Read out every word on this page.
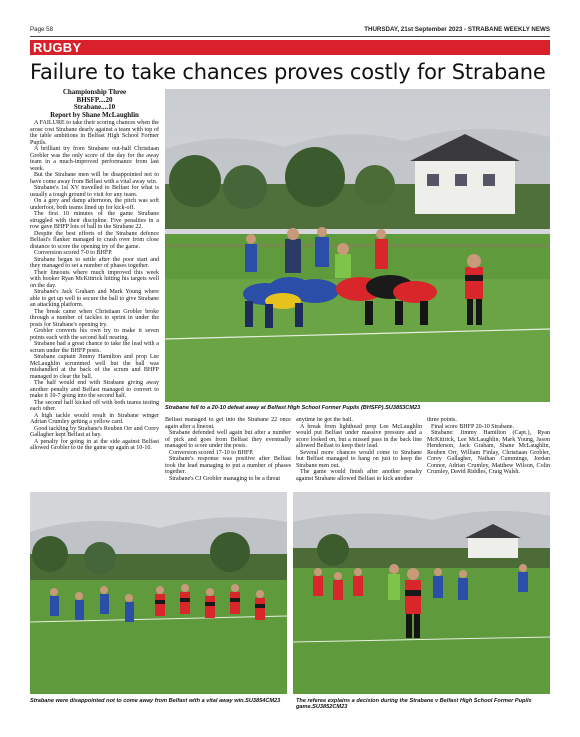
Page 58	THURSDAY, 21st September 2023 - STRABANE WEEKLY NEWS
RUGBY
Failure to take chances proves costly for Strabane
Championship Three
BHSFP....20
Strabane....10
Report by Shane McLaughlin

A FAILURE to take their scoring chances when the arose cost Strabane dearly against a team with top of the table ambitions in Belfast High School Former Pupils.

A brilliant try from Strabane out-half Christiaan Grobler was the only score of the day for the away team in a much-improved performance from last week.

But the Strabane men will be disappointed not to have come away from Belfast with a vital away win.

Strabane's 1st XV travelled to Belfast for what is usually a tough ground to visit for any team.

On a grey and damp afternoon, the pitch was soft underfoot, both teams lined up for kick-off.

The first 10 minutes of the game Strabane struggled with their discipline. Five penalties in a row gave BHFP lots of ball in the Strabane 22.

Despite the best efforts of the Strabane defence Belfast's flanker managed to crash over from close distance to score the opening try of the game.

Conversion scored 7-0 to BHFP.

Strabane began to settle after the poor start and they managed to set a number of phases together.

Their lineouts where much improved this week with hooker Ryan McKittrick hitting his targets well on the day.

Strabane's Jack Graham and Mark Young where able to get up well to secure the ball to give Strabane an attacking platform.

The break came when Christiaan Grobler broke through a number of tackles to sprint in under the posts for Strabane's opening try.

Grobler converts his own try to make it seven points each with the second half nearing.

Strabane had a great chance to take the lead with a scrum under the BHFP posts.

Strabane captain Jimmy Hamilton and prop Lee McLaughlin scrummed well but the ball was mishandled at the back of the scrum and BHFP managed to clear the ball.

The half would end with Strabane giving away another penalty and Belfast managed to convert to make it 10-7 going into the second half.

The second half kicked off with both teams testing each other.

A high tackle would result in Strabane winger Adrian Crumley getting a yellow card.

Good tackling by Strabane's Reuben Orr and Corey Gallagher kept Belfast at bay.

A penalty for going in at the side against Belfast allowed Grobler to tie the game up again at 10-10.

Strabane fell to a 20-10 defeat away at Belfast High School Former Pupils (BHSFP).SU3853CM23

Belfast managed to get into the Strabane 22 once again after a lineout.

Strabane defended well again but after a number of pick and goes from Belfast they eventually managed to score under the posts.

Conversion scored 17-10 to BHFP.

Strabane's response was positive after Belfast took the lead managing to put a number of phases together.

Strabane's CJ Grobler managing to be a threat

anytime he got the ball.

A break from lighthead prop Lee McLaughlin would put Belfast under massive pressure and a score looked on, but a missed pass in the back line allowed Belfast to keep their lead.

Several more chances would come to Strabane but Belfast managed to hang on just to keep the Strabane men out.

The game would finish after another penalty against Strabane allowed Belfast to kick another

three points.

Final score BHFP 20-10 Strabane.

Strabane: Jimmy Hamilton (Capt.), Ryan McKittrick, Lee McLaughlin, Mark Young, Jason Henderson, Jack Graham, Shane McLaughlin, Reuben Orr, William Finlay, Christiaan Grobler, Corey Gallagher, Nathan Cummings, Jordan Connor, Adrian Crumley, Matthew Wilson, Colin Crumley, David Riddles, Craig Walsh.

Strabane were disappointed not to come away from Belfast with a vital away win.SU3854CM23	The referee explains a decision during the Strabane v Belfast High School Former Pupils game.SU3852CM23
